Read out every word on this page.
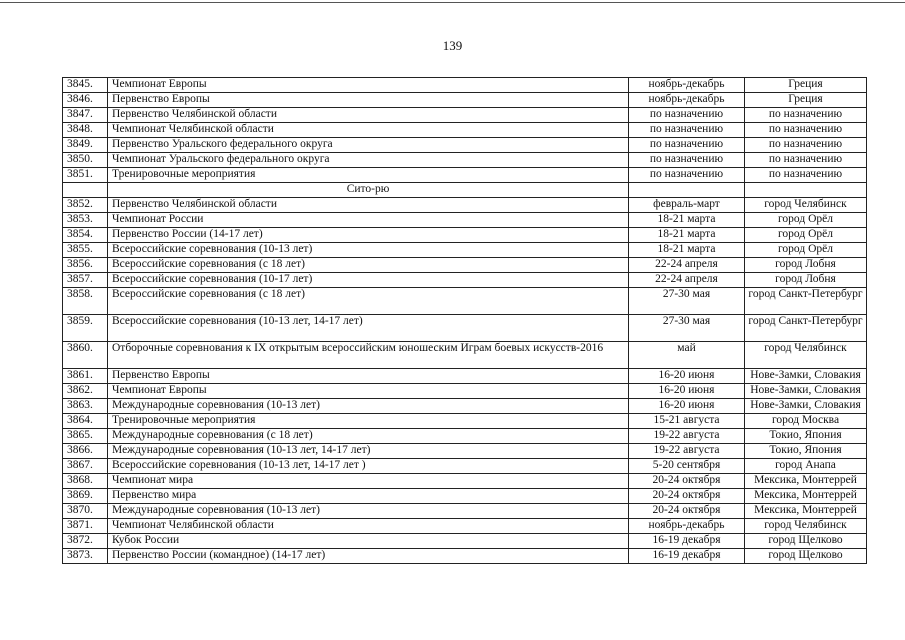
139
3845.	Чемпионат Европы	ноябрь-декабрь	Греция
3846.	Первенство Европы	ноябрь-декабрь	Греция
3847.	Первенство Челябинской области	по назначению	по назначению
3848.	Чемпионат Челябинской области	по назначению	по назначению
3849.	Первенство Уральского федерального округа	по назначению	по назначению
3850.	Чемпионат Уральского федерального округа	по назначению	по назначению
3851.	Тренировочные мероприятия	по назначению	по назначению
	Сито-рю		
3852.	Первенство Челябинской области	февраль-март	город Челябинск
3853.	Чемпионат России	18-21 марта	город Орёл
3854.	Первенство России (14-17 лет)	18-21 марта	город Орёл
3855.	Всероссийские соревнования (10-13 лет)	18-21 марта	город Орёл
3856.	Всероссийские соревнования (с 18 лет)	22-24 апреля	город Лобня
3857.	Всероссийские соревнования (10-17 лет)	22-24 апреля	город Лобня
3858.	Всероссийские соревнования (с 18 лет)	27-30 мая	город Санкт-Петербург
3859.	Всероссийские соревнования (10-13 лет, 14-17 лет)	27-30 мая	город Санкт-Петербург
3860.	Отборочные соревнования к IX открытым всероссийским юношеским Играм боевых искусств-2016	май	город Челябинск
3861.	Первенство Европы	16-20 июня	Нове-Замки, Словакия
3862.	Чемпионат Европы	16-20 июня	Нове-Замки, Словакия
3863.	Международные соревнования (10-13 лет)	16-20 июня	Нове-Замки, Словакия
3864.	Тренировочные мероприятия	15-21 августа	город Москва
3865.	Международные соревнования (с 18 лет)	19-22 августа	Токио, Япония
3866.	Международные соревнования (10-13 лет, 14-17 лет)	19-22 августа	Токио, Япония
3867.	Всероссийские соревнования (10-13 лет, 14-17 лет )	5-20 сентября	город Анапа
3868.	Чемпионат мира	20-24 октября	Мексика, Монтеррей
3869.	Первенство мира	20-24 октября	Мексика, Монтеррей
3870.	Международные соревнования (10-13 лет)	20-24 октября	Мексика, Монтеррей
3871.	Чемпионат Челябинской области	ноябрь-декабрь	город Челябинск
3872.	Кубок России	16-19 декабря	город Щелково
3873.	Первенство России (командное) (14-17 лет)	16-19 декабря	город Щелково
